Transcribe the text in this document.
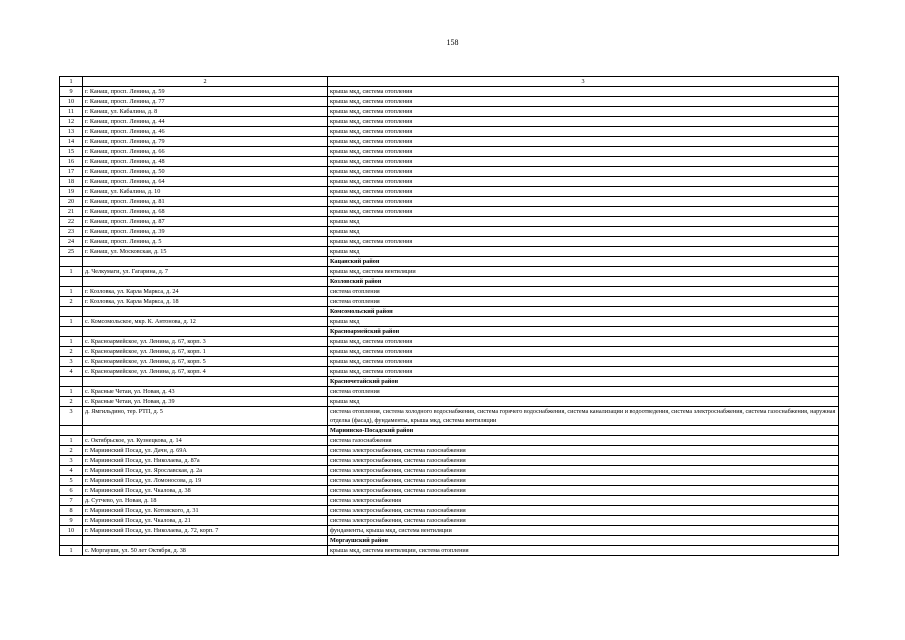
158
1	2	3
9	г. Канаш, просп. Ленина, д. 59	крыша мкд, система отопления
10	г. Канаш, просп. Ленина, д. 77	крыша мкд, система отопления
11	г. Канаш, ул. Кабалина, д. 8	крыша мкд, система отопления
12	г. Канаш, просп. Ленина, д. 44	крыша мкд, система отопления
13	г. Канаш, просп. Ленина, д. 46	крыша мкд, система отопления
14	г. Канаш, просп. Ленина, д. 79	крыша мкд, система отопления
15	г. Канаш, просп. Ленина, д. 66	крыша мкд, система отопления
16	г. Канаш, просп. Ленина, д. 48	крыша мкд, система отопления
17	г. Канаш, просп. Ленина, д. 50	крыша мкд, система отопления
18	г. Канаш, просп. Ленина, д. 64	крыша мкд, система отопления
19	г. Канаш, ул. Кабалина, д. 10	крыша мкд, система отопления
20	г. Канаш, просп. Ленина, д. 81	крыша мкд, система отопления
21	г. Канаш, просп. Ленина, д. 68	крыша мкд, система отопления
22	г. Канаш, просп. Ленина, д. 87	крыша мкд
23	г. Канаш, просп. Ленина, д. 39	крыша мкд
24	г. Канаш, просп. Ленина, д. 5	крыша мкд, система отопления
25	г. Канаш, ул. Московская, д. 15	крыша мкд
		Кацаиский район
1	д. Челкумаги, ул. Гагарина, д. 7	крыша мкд, система вентиляции
		Козловский район
1	г. Козловка, ул. Карла Маркса, д. 24	система отопления
2	г. Козловка, ул. Карла Маркса, д. 18	система отопления
		Комсомольский район
1	с. Комсомольское, мкр. К. Антонова, д. 12	крыша мкд
		Красноармейский район
1	с. Красноармейское, ул. Ленина, д. 67, корп. 3	крыша мкд, система отопления
2	с. Красноармейское, ул. Ленина, д. 67, корп. 1	крыша мкд, система отопления
3	с. Красноармейское, ул. Ленина, д. 67, корп. 5	крыша мкд, система отопления
4	с. Красноармейское, ул. Ленина, д. 67, корп. 4	крыша мкд, система отопления
		Красночетайский район
1	с. Красные Четаи, ул. Новая, д. 43	система отопления
2	с. Красные Четаи, ул. Новая, д. 39	крыша мкд
3	д. Ямгильдино, тер. РТП, д. 5	система отопления, система холодного водоснабжения, система горячего водоснабжения, система канализации и водоотведения, система электроснабжения, система газоснабжения, наружная отделка (фасад), фундаменты, крыша мкд, система вентиляции
		Мариинско-Посадский район
1	с. Октябрьское, ул. Кузнецкова, д. 14	система газоснабжения
2	г. Мариинский Посад, ул. Дачн, д. 69А	система электроснабжения, система газоснабжения
3	г. Мариинский Посад, ул. Николаева, д. 87а	система электроснабжения, система газоснабжения
4	г. Мариинский Посад, ул. Ярославская, д. 2а	система электроснабжения, система газоснабжения
5	г. Мариинский Посад, ул. Ломоносова, д. 19	система электроснабжения, система газоснабжения
6	г. Мариинский Посад, ул. Чкалова, д. 38	система электроснабжения, система газоснабжения
7	д. Сутчево, ул. Новая, д. 18	система электроснабжения
8	г. Мариинский Посад, ул. Котовского, д. 31	система электроснабжения, система газоснабжения
9	г. Мариинский Посад, ул. Чкалова, д. 21	система электроснабжения, система газоснабжения
10	г. Мариинский Посад, ул. Николаева, д. 72, корп. 7	фундаменты, крыша мкд, система вентиляции
		Моргаушский район
1	с. Моргауши, ул. 50 лет Октября, д. 38	крыша мкд, система вентиляции, система отопления
